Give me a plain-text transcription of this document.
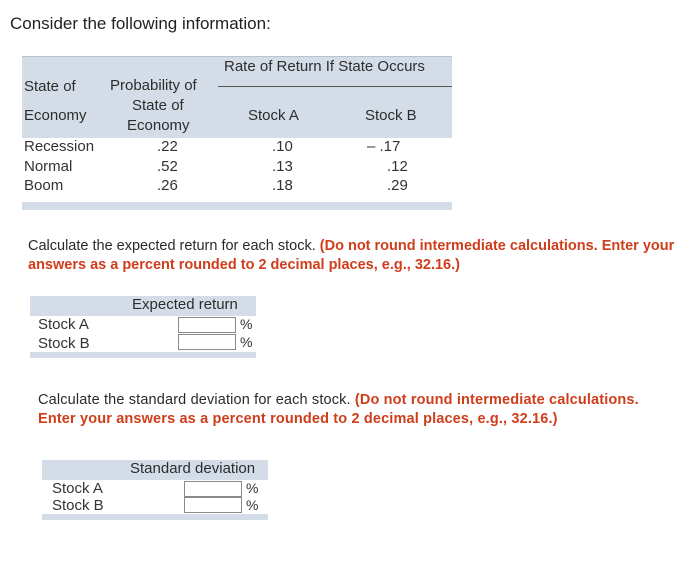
Consider the following information:
State of
Economy
Probability of
State of
Economy
Rate of Return If State Occurs
Stock A	Stock B
Recession	.22	.10	– .17
Normal	.52	.13	.12
Boom	.26	.18	.29
Calculate the expected return for each stock. (Do not round intermediate calculations. Enter your answers as a percent rounded to 2 decimal places, e.g., 32.16.)
Expected return
Stock A	%
Stock B	%
Calculate the standard deviation for each stock. (Do not round intermediate calculations. Enter your answers as a percent rounded to 2 decimal places, e.g., 32.16.)
Standard deviation
Stock A	%
Stock B	%
